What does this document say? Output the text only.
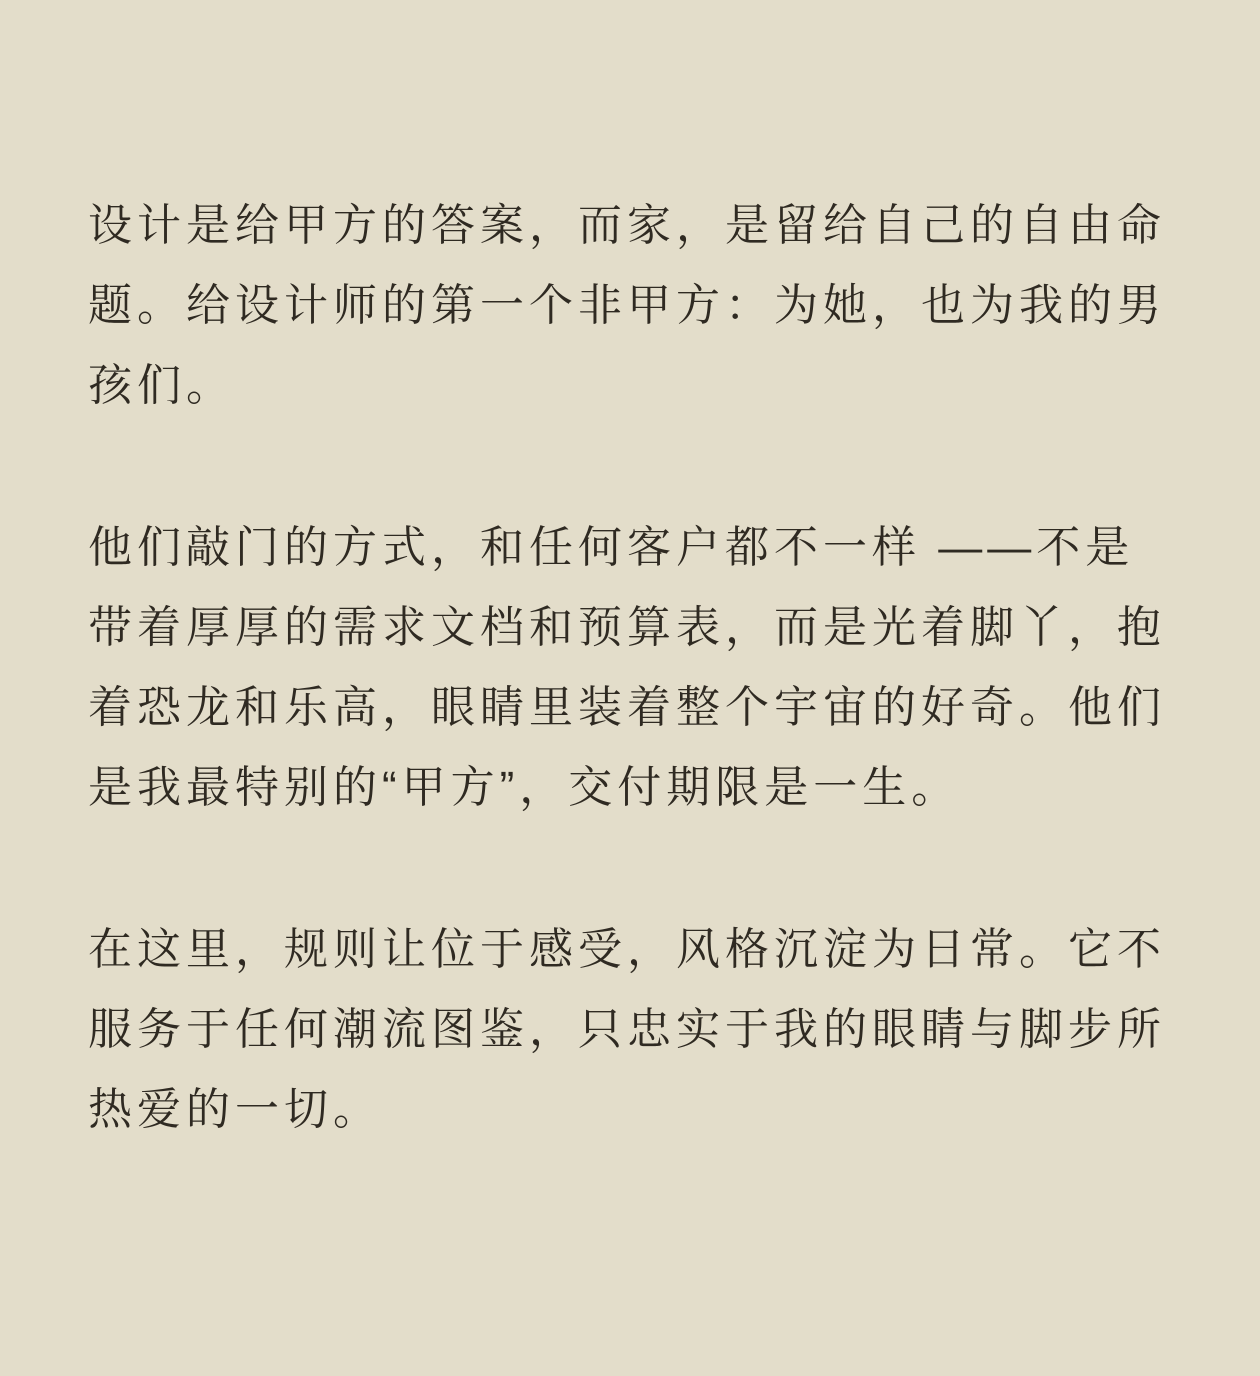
设计是给甲方的答案，而家，是留给自己的自由命题。给设计师的第一个非甲方：为她，也为我的男孩们。

他们敲门的方式，和任何客户都不一样 ——不是带着厚厚的需求文档和预算表，而是光着脚丫，抱着恐龙和乐高，眼睛里装着整个宇宙的好奇。他们是我最特别的“甲方”，交付期限是一生。

在这里，规则让位于感受，风格沉淀为日常。它不服务于任何潮流图鉴，只忠实于我的眼睛与脚步所热爱的一切。
